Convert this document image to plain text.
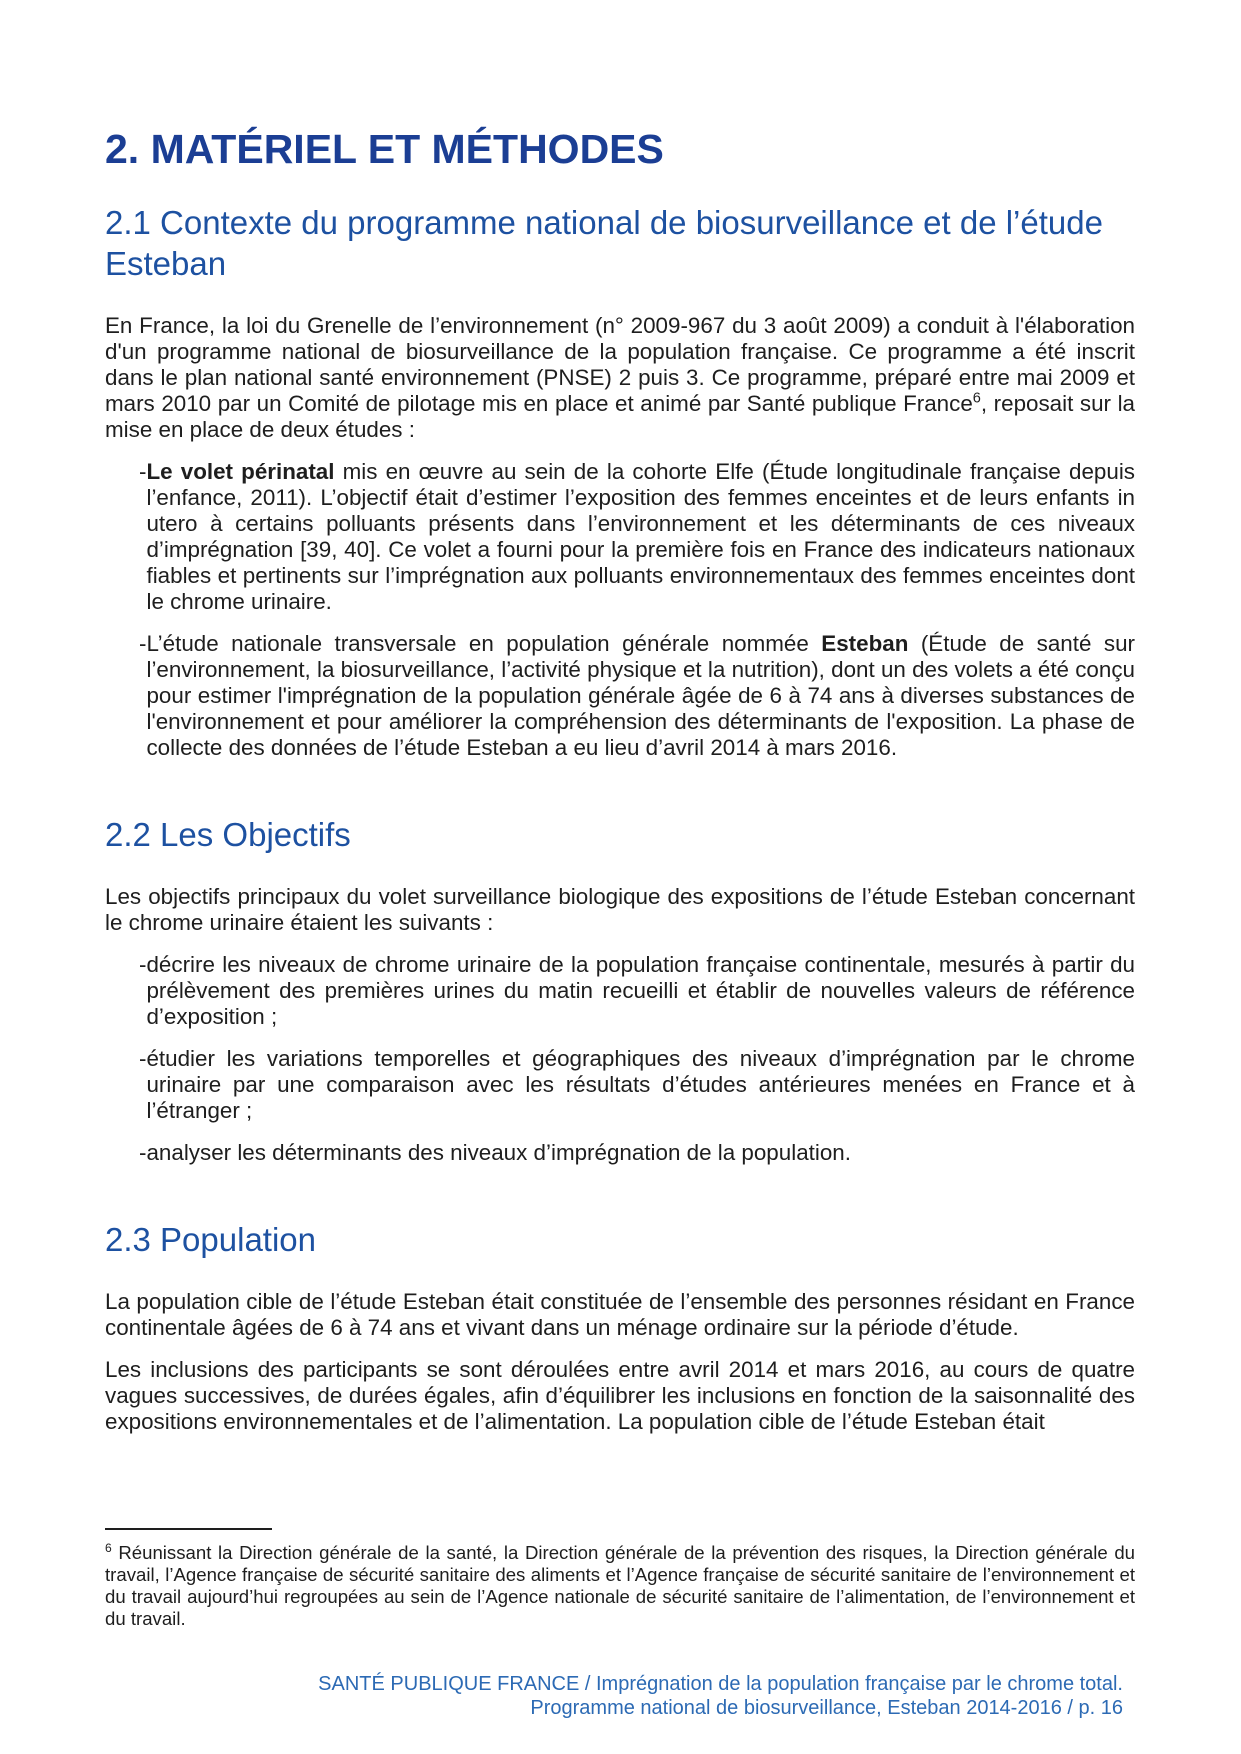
2. MATÉRIEL ET MÉTHODES
2.1 Contexte du programme national de biosurveillance et de l’étude Esteban

En France, la loi du Grenelle de l’environnement (n° 2009-967 du 3 août 2009) a conduit à l'élaboration d'un programme national de biosurveillance de la population française. Ce programme a été inscrit dans le plan national santé environnement (PNSE) 2 puis 3. Ce programme, préparé entre mai 2009 et mars 2010 par un Comité de pilotage mis en place et animé par Santé publique France$^6$, reposait sur la mise en place de deux études :

- Le volet périnatal mis en œuvre au sein de la cohorte Elfe (Étude longitudinale française depuis l’enfance, 2011). L’objectif était d’estimer l’exposition des femmes enceintes et de leurs enfants in utero à certains polluants présents dans l’environnement et les déterminants de ces niveaux d’imprégnation [39, 40]. Ce volet a fourni pour la première fois en France des indicateurs nationaux fiables et pertinents sur l’imprégnation aux polluants environnementaux des femmes enceintes dont le chrome urinaire.
- L’étude nationale transversale en population générale nommée Esteban (Étude de santé sur l’environnement, la biosurveillance, l’activité physique et la nutrition), dont un des volets a été conçu pour estimer l'imprégnation de la population générale âgée de 6 à 74 ans à diverses substances de l'environnement et pour améliorer la compréhension des déterminants de l'exposition. La phase de collecte des données de l’étude Esteban a eu lieu d’avril 2014 à mars 2016.
2.2 Les Objectifs

Les objectifs principaux du volet surveillance biologique des expositions de l’étude Esteban concernant le chrome urinaire étaient les suivants :

- décrire les niveaux de chrome urinaire de la population française continentale, mesurés à partir du prélèvement des premières urines du matin recueilli et établir de nouvelles valeurs de référence d’exposition ;
- étudier les variations temporelles et géographiques des niveaux d’imprégnation par le chrome urinaire par une comparaison avec les résultats d’études antérieures menées en France et à l’étranger ;
- analyser les déterminants des niveaux d’imprégnation de la population.
2.3 Population

La population cible de l’étude Esteban était constituée de l’ensemble des personnes résidant en France continentale âgées de 6 à 74 ans et vivant dans un ménage ordinaire sur la période d’étude.

Les inclusions des participants se sont déroulées entre avril 2014 et mars 2016, au cours de quatre vagues successives, de durées égales, afin d’équilibrer les inclusions en fonction de la saisonnalité des expositions environnementales et de l’alimentation. La population cible de l’étude Esteban était

$^6$ Réunissant la Direction générale de la santé, la Direction générale de la prévention des risques, la Direction générale du travail, l’Agence française de sécurité sanitaire des aliments et l’Agence française de sécurité sanitaire de l’environnement et du travail aujourd’hui regroupées au sein de l’Agence nationale de sécurité sanitaire de l’alimentation, de l’environnement et du travail.
SANTÉ PUBLIQUE FRANCE / Imprégnation de la population française par le chrome total.
Programme national de biosurveillance, Esteban 2014-2016 / p. 16
